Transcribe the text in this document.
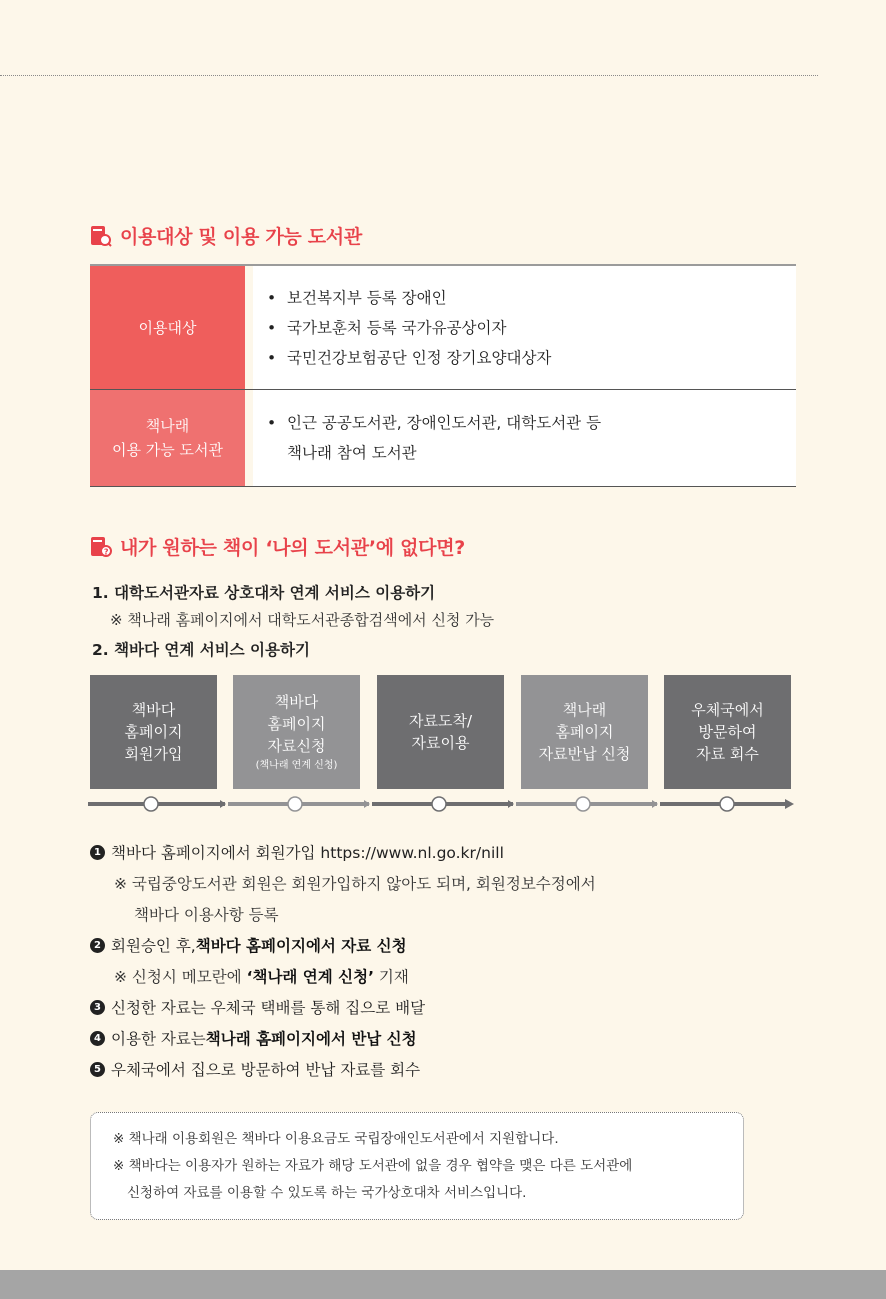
이용대상 및 이용 가능 도서관
이용대상
• 보건복지부 등록 장애인
• 국가보훈처 등록 국가유공상이자
• 국민건강보험공단 인정 장기요양대상자
책나래
이용 가능 도서관
• 인근 공공도서관, 장애인도서관, 대학도서관 등
책나래 참여 도서관
? 내가 원하는 책이 ‘나의 도서관’에 없다면?
1. 대학도서관자료 상호대차 연계 서비스 이용하기
※ 책나래 홈페이지에서 대학도서관종합검색에서 신청 가능
2. 책바다 연계 서비스 이용하기
책바다
홈페이지
회원가입
책바다
홈페이지
자료신청
(책나래 연계 신청)
자료도착/
자료이용
책나래
홈페이지
자료반납 신청
우체국에서
방문하여
자료 회수
1 책바다 홈페이지에서 회원가입 https://www.nl.go.kr/nill
※ 국립중앙도서관 회원은 회원가입하지 않아도 되며, 회원정보수정에서
책바다 이용사항 등록
2 회원승인 후, 책바다 홈페이지에서 자료 신청
※ 신청시 메모란에 ‘책나래 연계 신청’ 기재
3 신청한 자료는 우체국 택배를 통해 집으로 배달
4 이용한 자료는 책나래 홈페이지에서 반납 신청
5 우체국에서 집으로 방문하여 반납 자료를 회수
※ 책나래 이용회원은 책바다 이용요금도 국립장애인도서관에서 지원합니다.
※ 책바다는 이용자가 원하는 자료가 해당 도서관에 없을 경우 협약을 맺은 다른 도서관에
신청하여 자료를 이용할 수 있도록 하는 국가상호대차 서비스입니다.
